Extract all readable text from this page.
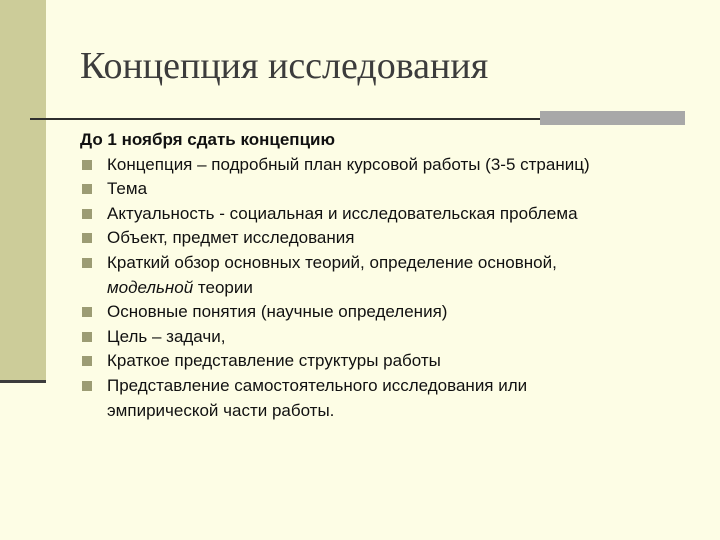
Концепция исследования
До 1 ноября сдать концепцию
Концепция – подробный план курсовой работы (3-5 страниц)
Тема
Актуальность - социальная и исследовательская проблема
Объект, предмет исследования
Краткий обзор основных теорий, определение основной,
модельной теории
Основные понятия (научные определения)
Цель – задачи,
Краткое представление структуры работы
Представление самостоятельного исследования или
эмпирической части работы.
